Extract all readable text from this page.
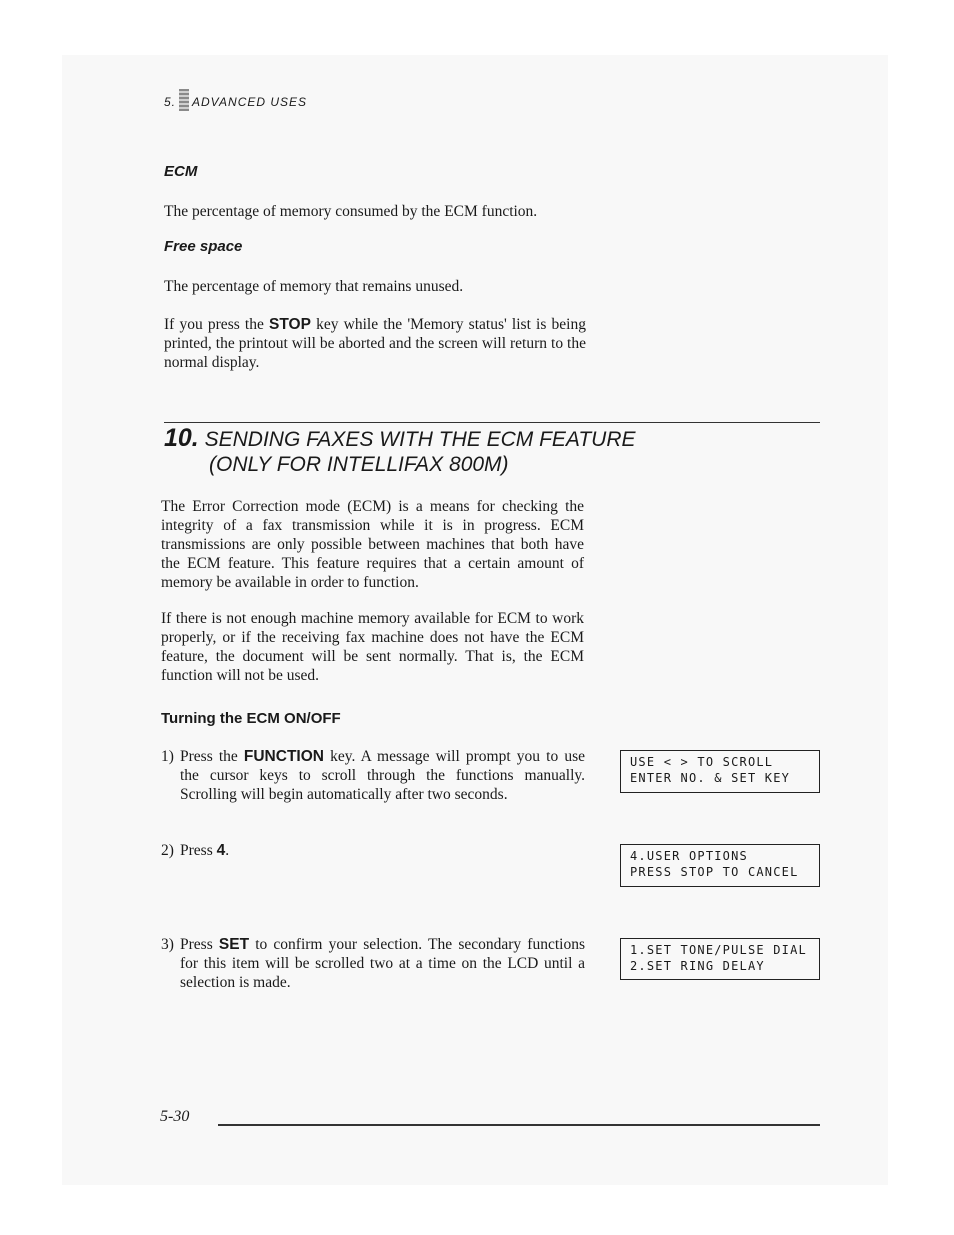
5. ADVANCED USES
ECM
The percentage of memory consumed by the ECM function.
Free space
The percentage of memory that remains unused.
If you press the STOP key while the 'Memory status' list is being printed, the printout will be aborted and the screen will return to the normal display.
10. SENDING FAXES WITH THE ECM FEATURE
(ONLY FOR INTELLIFAX 800M)
The Error Correction mode (ECM) is a means for checking the integrity of a fax transmission while it is in progress. ECM transmissions are only possible between machines that both have the ECM feature. This feature requires that a certain amount of memory be available in order to function.
If there is not enough machine memory available for ECM to work properly, or if the receiving fax machine does not have the ECM feature, the document will be sent normally. That is, the ECM function will not be used.
Turning the ECM ON/OFF
1) Press the FUNCTION key. A message will prompt you to use the cursor keys to scroll through the functions manually. Scrolling will begin automatically after two seconds.
USE < > TO SCROLL
ENTER NO. & SET KEY
2) Press 4.	4.USER OPTIONS
PRESS STOP TO CANCEL
3) Press SET to confirm your selection. The secondary functions for this item will be scrolled two at a time on the LCD until a selection is made.
1.SET TONE/PULSE DIAL
2.SET RING DELAY
5-30
